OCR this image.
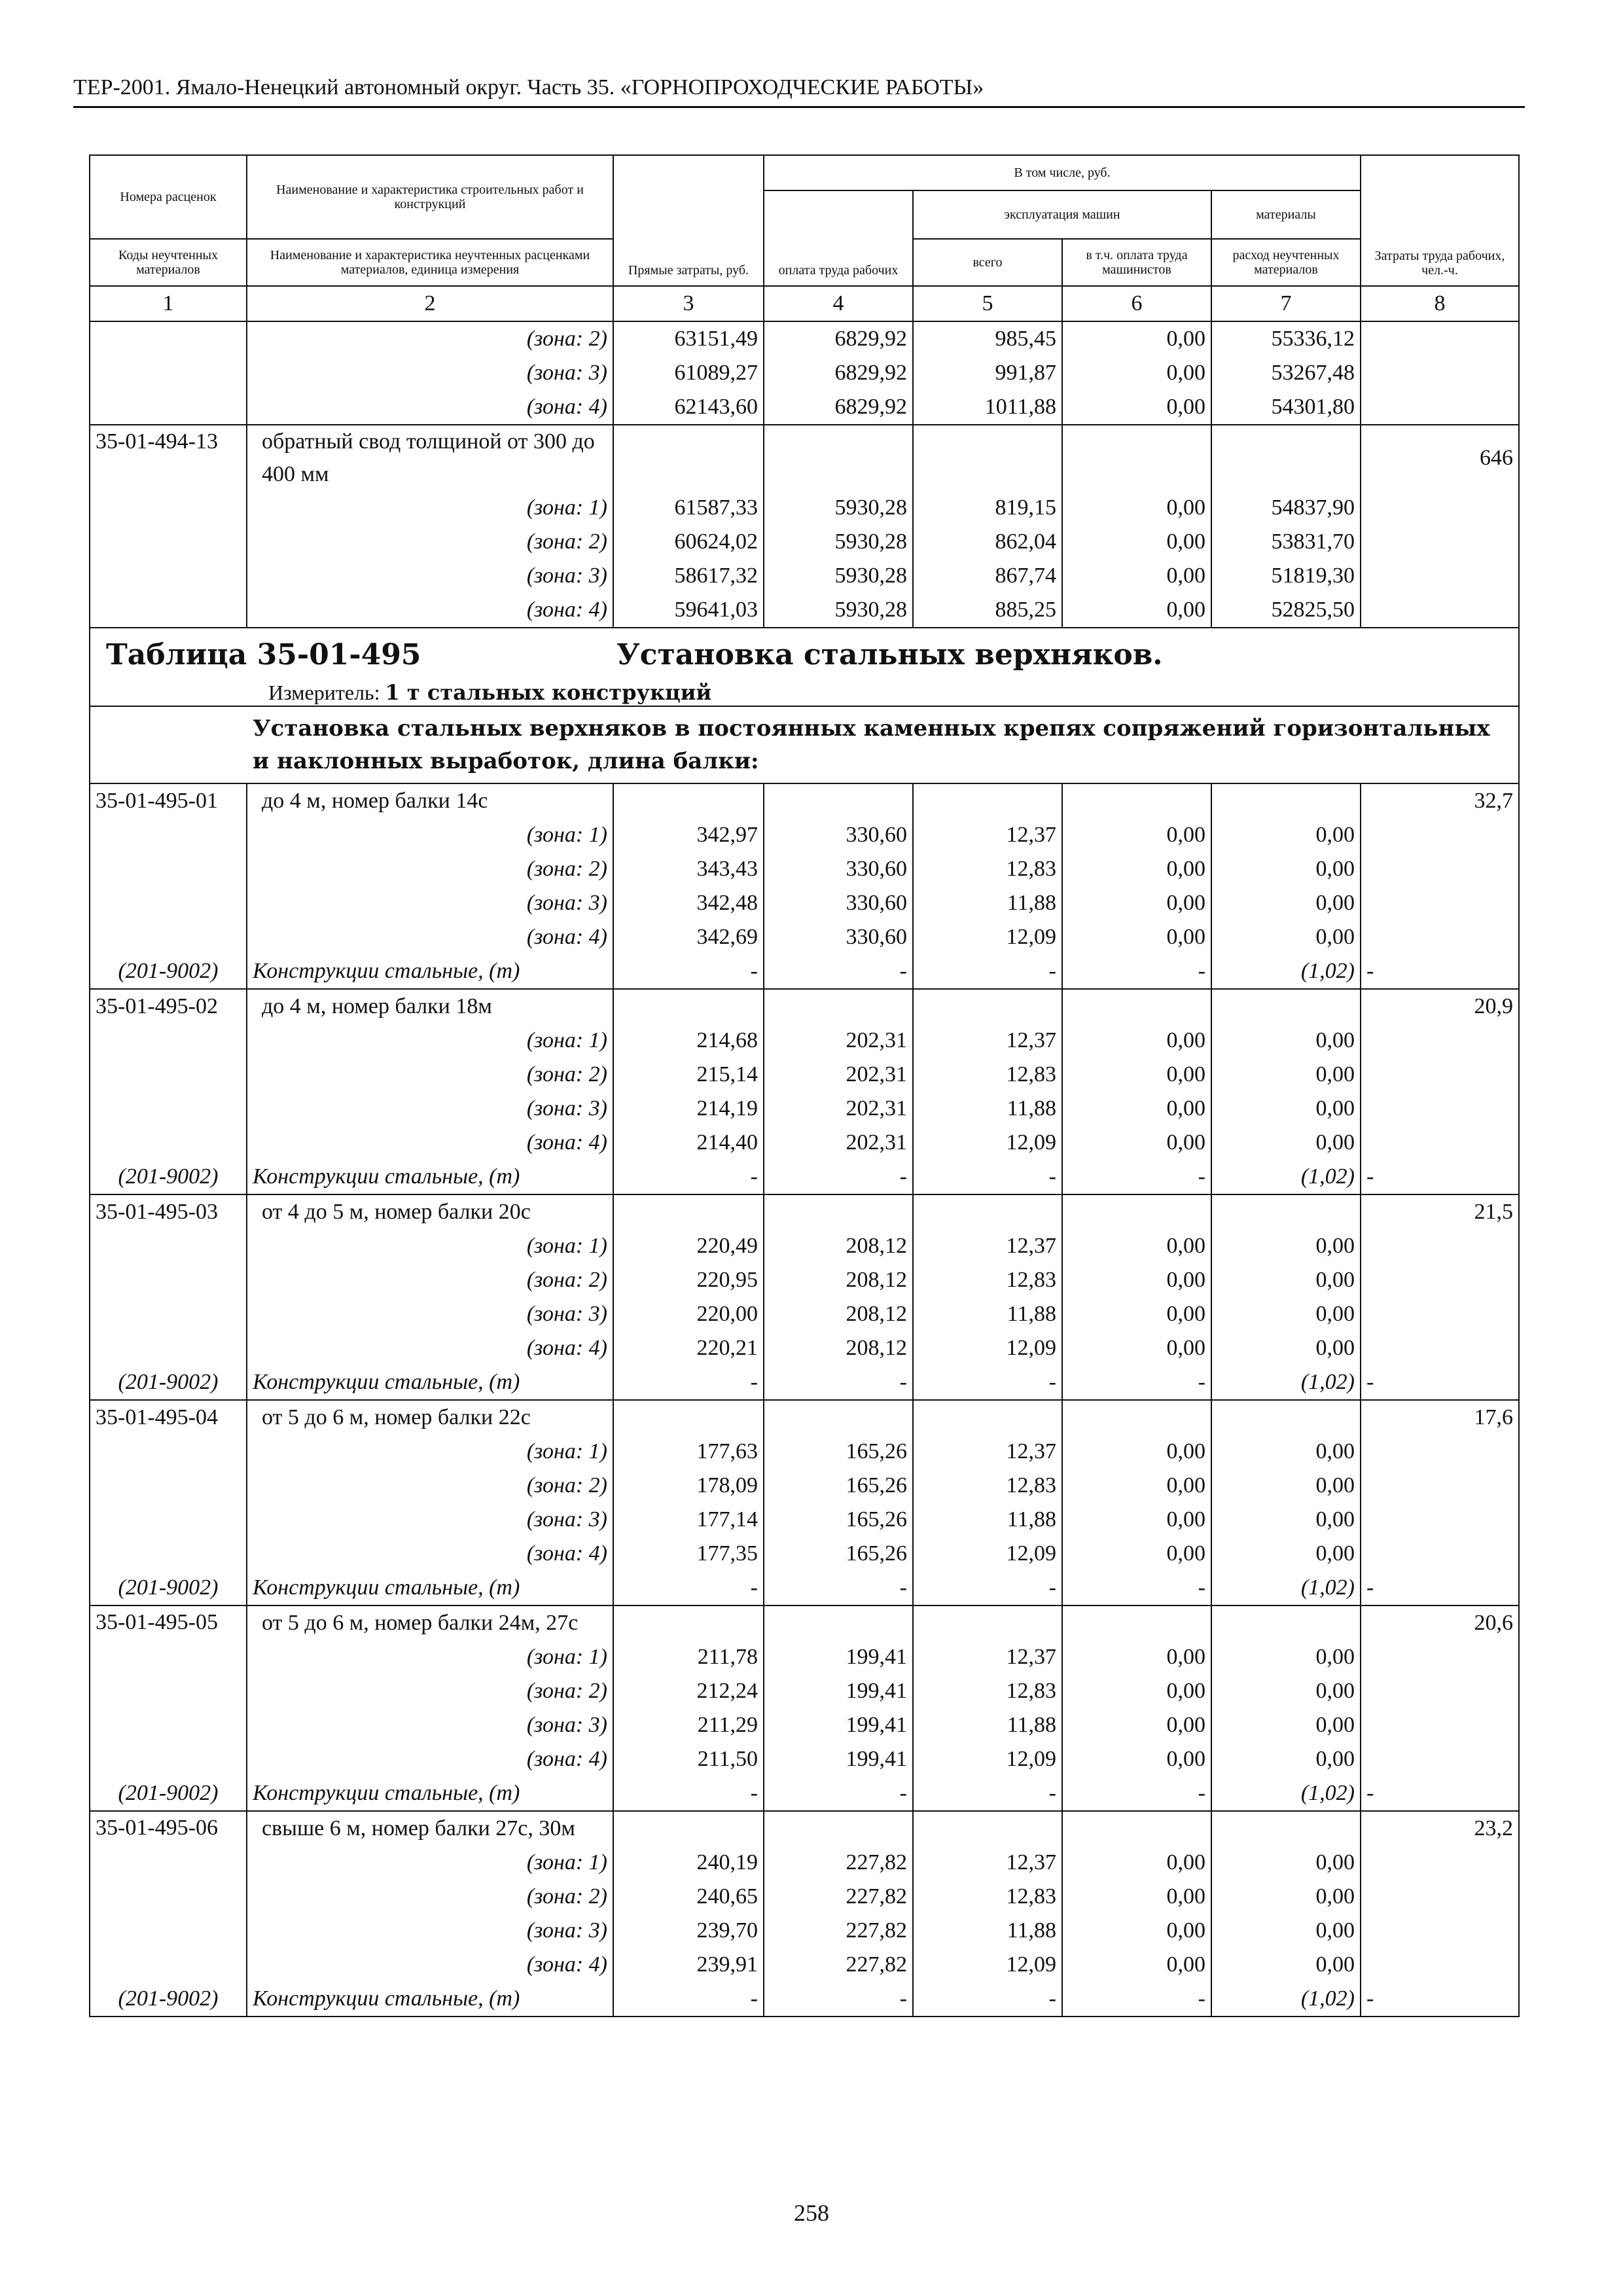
ТЕР-2001. Ямало-Ненецкий автономный округ. Часть 35. «ГОРНОПРОХОДЧЕСКИЕ РАБОТЫ»
Номера расценок	Наименование и характеристика строительных работ и конструкций	Прямые затраты, руб.	В том числе, руб.				Затраты труда рабочих, чел.-ч.
			оплата труда рабочих	эксплуатация машин		материалы	
Коды неучтенных материалов	Наименование и характеристика неучтенных расценками материалов, единица измерения			всего	в т.ч. оплата труда машинистов	расход неучтенных материалов	

1	2	3	4	5	6	7	8
	(зона: 2)	63151,49	6829,92	985,45	0,00	55336,12	
	(зона: 3)	61089,27	6829,92	991,87	0,00	53267,48	
	(зона: 4)	62143,60	6829,92	1011,88	0,00	54301,80	
35-01-494-13	обратный свод толщиной от 300 до 400 мм						646
	(зона: 1)	61587,33	5930,28	819,15	0,00	54837,90	
	(зона: 2)	60624,02	5930,28	862,04	0,00	53831,70	
	(зона: 3)	58617,32	5930,28	867,74	0,00	51819,30	
	(зона: 4)	59641,03	5930,28	885,25	0,00	52825,50	
Таблица 35-01-495 Установка стальных верхняков.
Измеритель: 1 т стальных конструкций							

Установка стальных верхняков в постоянных каменных крепях сопряжений горизонтальных и наклонных выработок, длина балки:							
35-01-495-01	до 4 м, номер балки 14с						32,7
	(зона: 1)	342,97	330,60	12,37	0,00	0,00	
	(зона: 2)	343,43	330,60	12,83	0,00	0,00	
	(зона: 3)	342,48	330,60	11,88	0,00	0,00	
	(зона: 4)	342,69	330,60	12,09	0,00	0,00	
(201-9002)	Конструкции стальные, (т)	-	-	-	-	(1,02)	-
35-01-495-02	до 4 м, номер балки 18м						20,9
	(зона: 1)	214,68	202,31	12,37	0,00	0,00	
	(зона: 2)	215,14	202,31	12,83	0,00	0,00	
	(зона: 3)	214,19	202,31	11,88	0,00	0,00	
	(зона: 4)	214,40	202,31	12,09	0,00	0,00	
(201-9002)	Конструкции стальные, (т)	-	-	-	-	(1,02)	-
35-01-495-03	от 4 до 5 м, номер балки 20с						21,5
	(зона: 1)	220,49	208,12	12,37	0,00	0,00	
	(зона: 2)	220,95	208,12	12,83	0,00	0,00	
	(зона: 3)	220,00	208,12	11,88	0,00	0,00	
	(зона: 4)	220,21	208,12	12,09	0,00	0,00	
(201-9002)	Конструкции стальные, (т)	-	-	-	-	(1,02)	-
35-01-495-04	от 5 до 6 м, номер балки 22с						17,6
	(зона: 1)	177,63	165,26	12,37	0,00	0,00	
	(зона: 2)	178,09	165,26	12,83	0,00	0,00	
	(зона: 3)	177,14	165,26	11,88	0,00	0,00	
	(зона: 4)	177,35	165,26	12,09	0,00	0,00	
(201-9002)	Конструкции стальные, (т)	-	-	-	-	(1,02)	-
35-01-495-05	от 5 до 6 м, номер балки 24м, 27с						20,6
	(зона: 1)	211,78	199,41	12,37	0,00	0,00	
	(зона: 2)	212,24	199,41	12,83	0,00	0,00	
	(зона: 3)	211,29	199,41	11,88	0,00	0,00	
	(зона: 4)	211,50	199,41	12,09	0,00	0,00	
(201-9002)	Конструкции стальные, (т)	-	-	-	-	(1,02)	-
35-01-495-06	свыше 6 м, номер балки 27с, 30м						23,2
	(зона: 1)	240,19	227,82	12,37	0,00	0,00	
	(зона: 2)	240,65	227,82	12,83	0,00	0,00	
	(зона: 3)	239,70	227,82	11,88	0,00	0,00	
	(зона: 4)	239,91	227,82	12,09	0,00	0,00	
(201-9002)	Конструкции стальные, (т)	-	-	-	-	(1,02)	-
258
